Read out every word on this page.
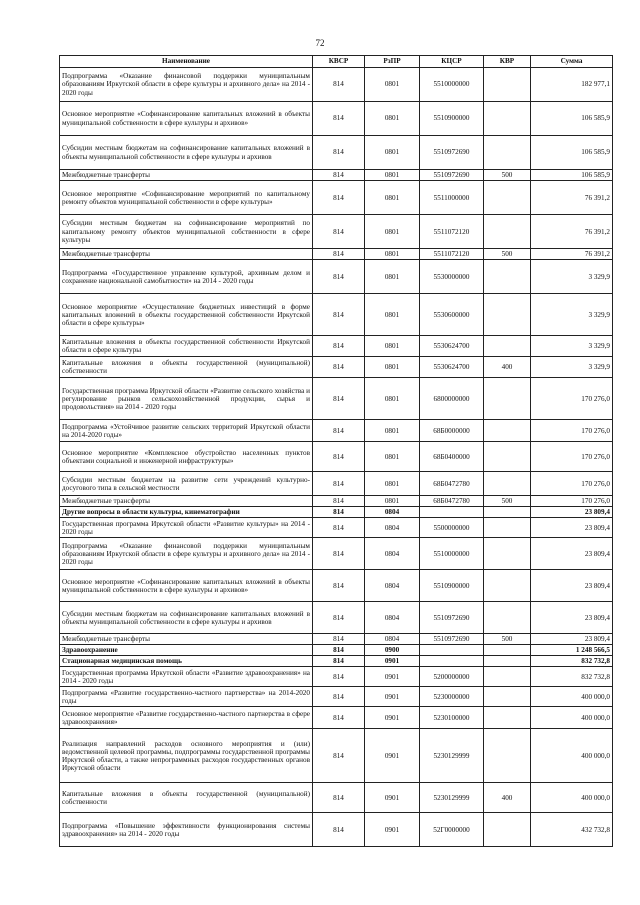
72
Наименование	КВСР	РзПР	КЦСР	КВР	Сумма
Подпрограмма «Оказание финансовой поддержки муниципальным образованиям Иркутской области в сфере культуры и архивного дела» на 2014 - 2020 годы	814	0801	5510000000		182 977,1
Основное мероприятие «Софинансирование капитальных вложений в объекты муниципальной собственности в сфере культуры и архивов»	814	0801	5510900000		106 585,9
Субсидии местным бюджетам на софинансирование капитальных вложений в объекты муниципальной собственности в сфере культуры и архивов	814	0801	5510972690		106 585,9
Межбюджетные трансферты	814	0801	5510972690	500	106 585,9
Основное мероприятие «Софинансирование мероприятий по капитальному ремонту объектов муниципальной собственности в сфере культуры»	814	0801	5511000000		76 391,2
Субсидии местным бюджетам на софинансирование мероприятий по капитальному ремонту объектов муниципальной собственности в сфере культуры	814	0801	5511072120		76 391,2
Межбюджетные трансферты	814	0801	5511072120	500	76 391,2
Подпрограмма «Государственное управление культурой, архивным делом и сохранение национальной самобытности» на 2014 - 2020 годы	814	0801	5530000000		3 329,9
Основное мероприятие «Осуществление бюджетных инвестиций в форме капитальных вложений в объекты государственной собственности Иркутской области в сфере культуры»	814	0801	5530600000		3 329,9
Капитальные вложения в объекты государственной собственности Иркутской области в сфере культуры	814	0801	5530624700		3 329,9
Капитальные вложения в объекты государственной (муниципальной) собственности	814	0801	5530624700	400	3 329,9
Государственная программа Иркутской области «Развитие сельского хозяйства и регулирование рынков сельскохозяйственной продукции, сырья и продовольствия» на 2014 - 2020 годы	814	0801	6800000000		170 276,0
Подпрограмма «Устойчивое развитие сельских территорий Иркутской области на 2014-2020 годы»	814	0801	68Б0000000		170 276,0
Основное мероприятие «Комплексное обустройство населенных пунктов объектами социальной и инженерной инфраструктуры»	814	0801	68Б0400000		170 276,0
Субсидии местным бюджетам на развитие сети учреждений культурно-досугового типа в сельской местности	814	0801	68Б0472780		170 276,0
Межбюджетные трансферты	814	0801	68Б0472780	500	170 276,0
Другие вопросы в области культуры, кинематографии	814	0804			23 809,4
Государственная программа Иркутской области «Развитие культуры» на 2014 - 2020 годы	814	0804	5500000000		23 809,4
Подпрограмма «Оказание финансовой поддержки муниципальным образованиям Иркутской области в сфере культуры и архивного дела» на 2014 - 2020 годы	814	0804	5510000000		23 809,4
Основное мероприятие «Софинансирование капитальных вложений в объекты муниципальной собственности в сфере культуры и архивов»	814	0804	5510900000		23 809,4
Субсидии местным бюджетам на софинансирование капитальных вложений в объекты муниципальной собственности в сфере культуры и архивов	814	0804	5510972690		23 809,4
Межбюджетные трансферты	814	0804	5510972690	500	23 809,4
Здравоохранение	814	0900			1 248 566,5
Стационарная медицинская помощь	814	0901			832 732,8
Государственная программа Иркутской области «Развитие здравоохранения» на 2014 - 2020 годы	814	0901	5200000000		832 732,8
Подпрограмма «Развитие государственно-частного партнерства» на 2014-2020 годы	814	0901	5230000000		400 000,0
Основное мероприятие «Развитие государственно-частного партнерства в сфере здравоохранения»	814	0901	5230100000		400 000,0
Реализация направлений расходов основного мероприятия и (или) ведомственной целевой программы, подпрограммы государственной программы Иркутской области, а также непрограммных расходов государственных органов Иркутской области	814	0901	5230129999		400 000,0
Капитальные вложения в объекты государственной (муниципальной) собственности	814	0901	5230129999	400	400 000,0
Подпрограмма «Повышение эффективности функционирования системы здравоохранения» на 2014 - 2020 годы	814	0901	52Г0000000		432 732,8
